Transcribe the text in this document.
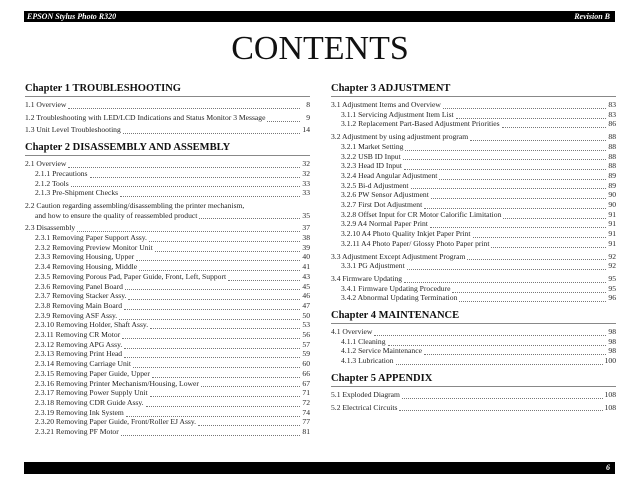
EPSON Stylus Photo R320	Revision B
CONTENTS
Chapter 1 TROUBLESHOOTING
1.1 Overview	8
1.2 Troubleshooting with LED/LCD Indications and Status Monitor 3 Message	9
1.3 Unit Level Troubleshooting	14
Chapter 2 DISASSEMBLY AND ASSEMBLY
2.1 Overview	32
2.1.1 Precautions	32
2.1.2 Tools	33
2.1.3 Pre-Shipment Checks	33
2.2 Caution regarding assembling/disassembling the printer mechanism,
and how to ensure the quality of reassembled product	35
2.3 Disassembly	37
2.3.1 Removing Paper Support Assy.	38
2.3.2 Removing Preview Monitor Unit	39
2.3.3 Removing Housing, Upper	40
2.3.4 Removing Housing, Middle	41
2.3.5 Removing Porous Pad, Paper Guide, Front, Left, Support	43
2.3.6 Removing Panel Board	45
2.3.7 Removing Stacker Assy.	46
2.3.8 Removing Main Board	47
2.3.9 Removing ASF Assy.	50
2.3.10 Removing Holder, Shaft Assy.	53
2.3.11 Removing CR Motor	56
2.3.12 Removing APG Assy.	57
2.3.13 Removing Print Head	59
2.3.14 Removing Carriage Unit	60
2.3.15 Removing Paper Guide, Upper	66
2.3.16 Removing Printer Mechanism/Housing, Lower	67
2.3.17 Removing Power Supply Unit	71
2.3.18 Removing CDR Guide Assy.	72
2.3.19 Removing Ink System	74
2.3.20 Removing Paper Guide, Front/Roller EJ Assy.	77
2.3.21 Removing PF Motor	81
Chapter 3 ADJUSTMENT
3.1 Adjustment Items and Overview	83
3.1.1 Servicing Adjustment Item List	83
3.1.2 Replacement Part-Based Adjustment Priorities	86
3.2 Adjustment by using adjustment program	88
3.2.1 Market Setting	88
3.2.2 USB ID Input	88
3.2.3 Head ID Input	88
3.2.4 Head Angular Adjustment	89
3.2.5 Bi-d Adjustment	89
3.2.6 PW Sensor Adjustment	90
3.2.7 First Dot Adjustment	90
3.2.8 Offset Input for CR Motor Calorific Limitation	91
3.2.9 A4 Normal Paper Print	91
3.2.10 A4 Photo Quality Inkjet Paper Print	91
3.2.11 A4 Photo Paper/ Glossy Photo Paper print	91
3.3 Adjustment Except Adjustment Program	92
3.3.1 PG Adjustment	92
3.4 Firmware Updating	95
3.4.1 Firmware Updating Procedure	95
3.4.2 Abnormal Updating Termination	96
Chapter 4 MAINTENANCE
4.1 Overview	98
4.1.1 Cleaning	98
4.1.2 Service Maintenance	98
4.1.3 Lubrication	100
Chapter 5 APPENDIX
5.1 Exploded Diagram	108
5.2 Electrical Circuits	108
6
